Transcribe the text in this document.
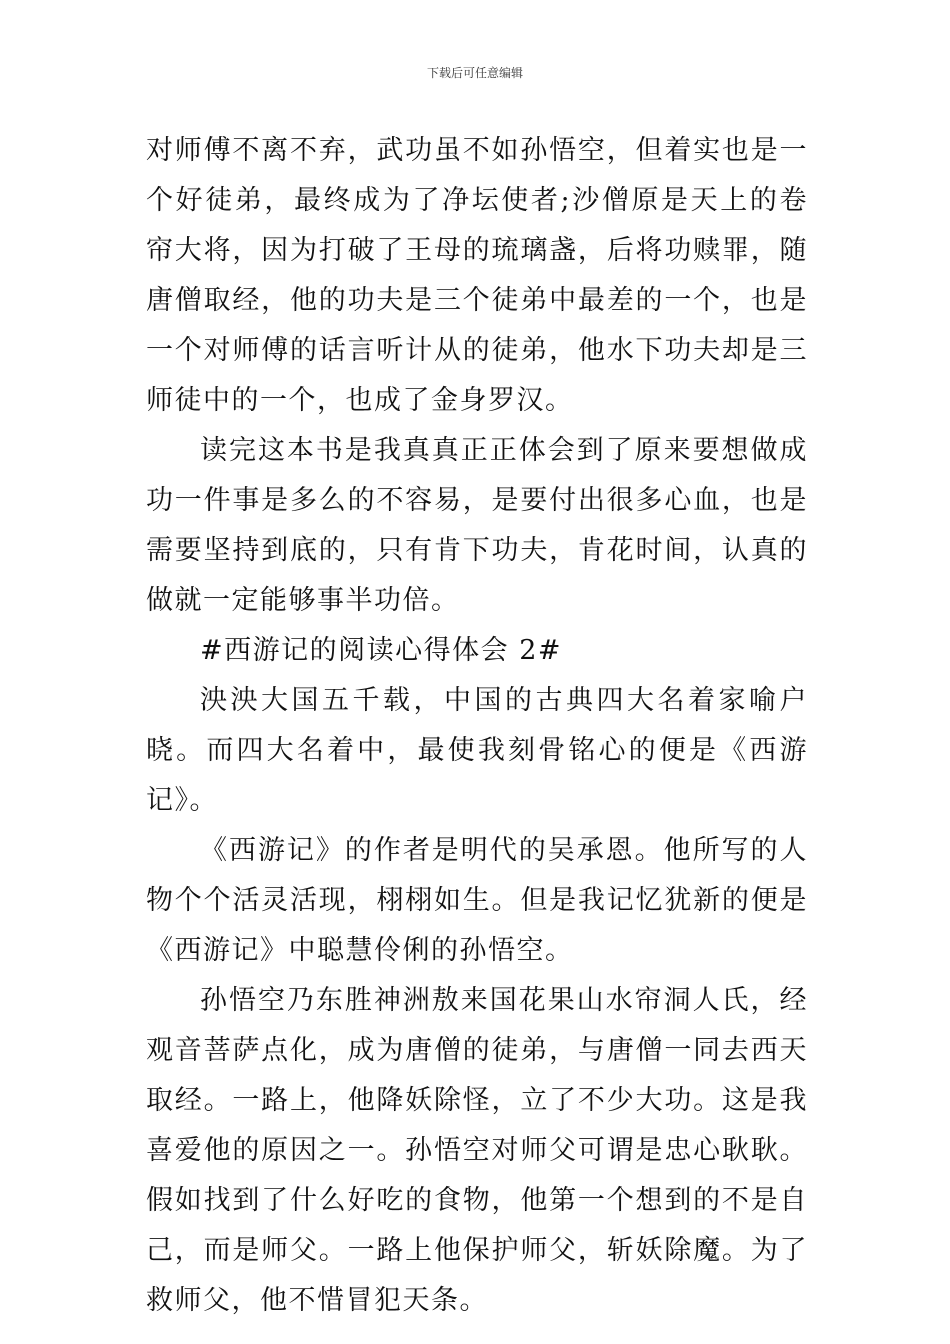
下载后可任意编辑

对师傅不离不弃，武功虽不如孙悟空，但着实也是一个好徒弟，最终成为了净坛使者;沙僧原是天上的卷帘大将，因为打破了王母的琉璃盏，后将功赎罪，随唐僧取经，他的功夫是三个徒弟中最差的一个，也是一个对师傅的话言听计从的徒弟，他水下功夫却是三师徒中的一个，也成了金身罗汉。

读完这本书是我真真正正体会到了原来要想做成功一件事是多么的不容易，是要付出很多心血，也是需要坚持到底的，只有肯下功夫，肯花时间，认真的做就一定能够事半功倍。

#西游记的阅读心得体会 2#

泱泱大国五千载，中国的古典四大名着家喻户晓。而四大名着中，最使我刻骨铭心的便是《西游记》。

《西游记》的作者是明代的吴承恩。他所写的人物个个活灵活现，栩栩如生。但是我记忆犹新的便是《西游记》中聪慧伶俐的孙悟空。

孙悟空乃东胜神洲敖来国花果山水帘洞人氏，经观音菩萨点化，成为唐僧的徒弟，与唐僧一同去西天取经。一路上，他降妖除怪，立了不少大功。这是我喜爱他的原因之一。孙悟空对师父可谓是忠心耿耿。假如找到了什么好吃的食物，他第一个想到的不是自己，而是师父。一路上他保护师父，斩妖除魔。为了救师父，他不惜冒犯天条。
